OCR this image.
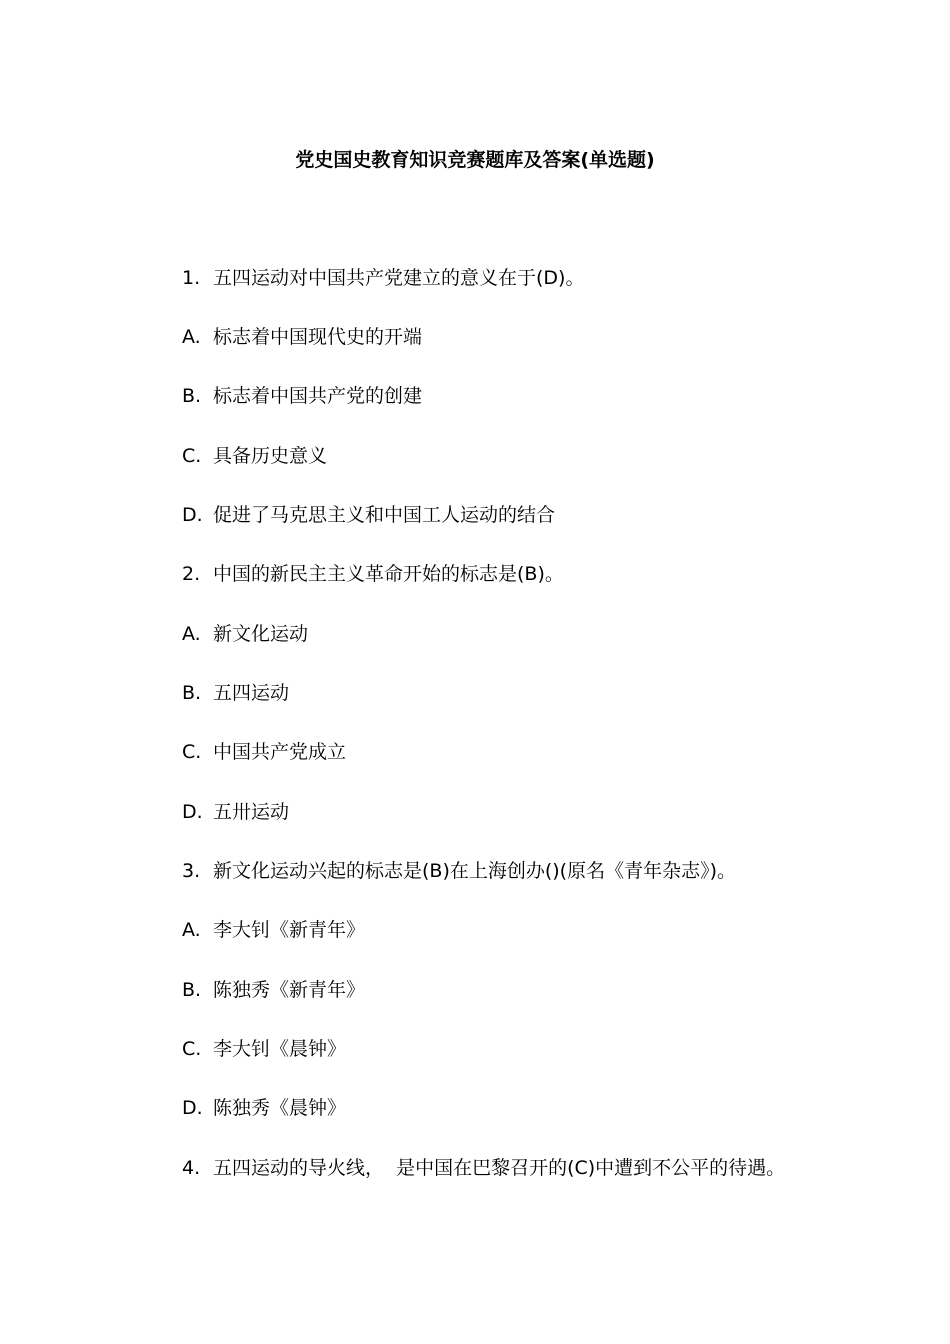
党史国史教育知识竞赛题库及答案(单选题)
1. 五四运动对中国共产党建立的意义在于(D)。
A. 标志着中国现代史的开端
B. 标志着中国共产党的创建
C. 具备历史意义
D. 促进了马克思主义和中国工人运动的结合
2. 中国的新民主主义革命开始的标志是(B)。
A. 新文化运动
B. 五四运动
C. 中国共产党成立
D. 五卅运动
3. 新文化运动兴起的标志是(B)在上海创办()(原名《青年杂志》)。
A. 李大钊《新青年》
B. 陈独秀《新青年》
C. 李大钊《晨钟》
D. 陈独秀《晨钟》
4. 五四运动的导火线，  是中国在巴黎召开的(C)中遭到不公平的待遇。
